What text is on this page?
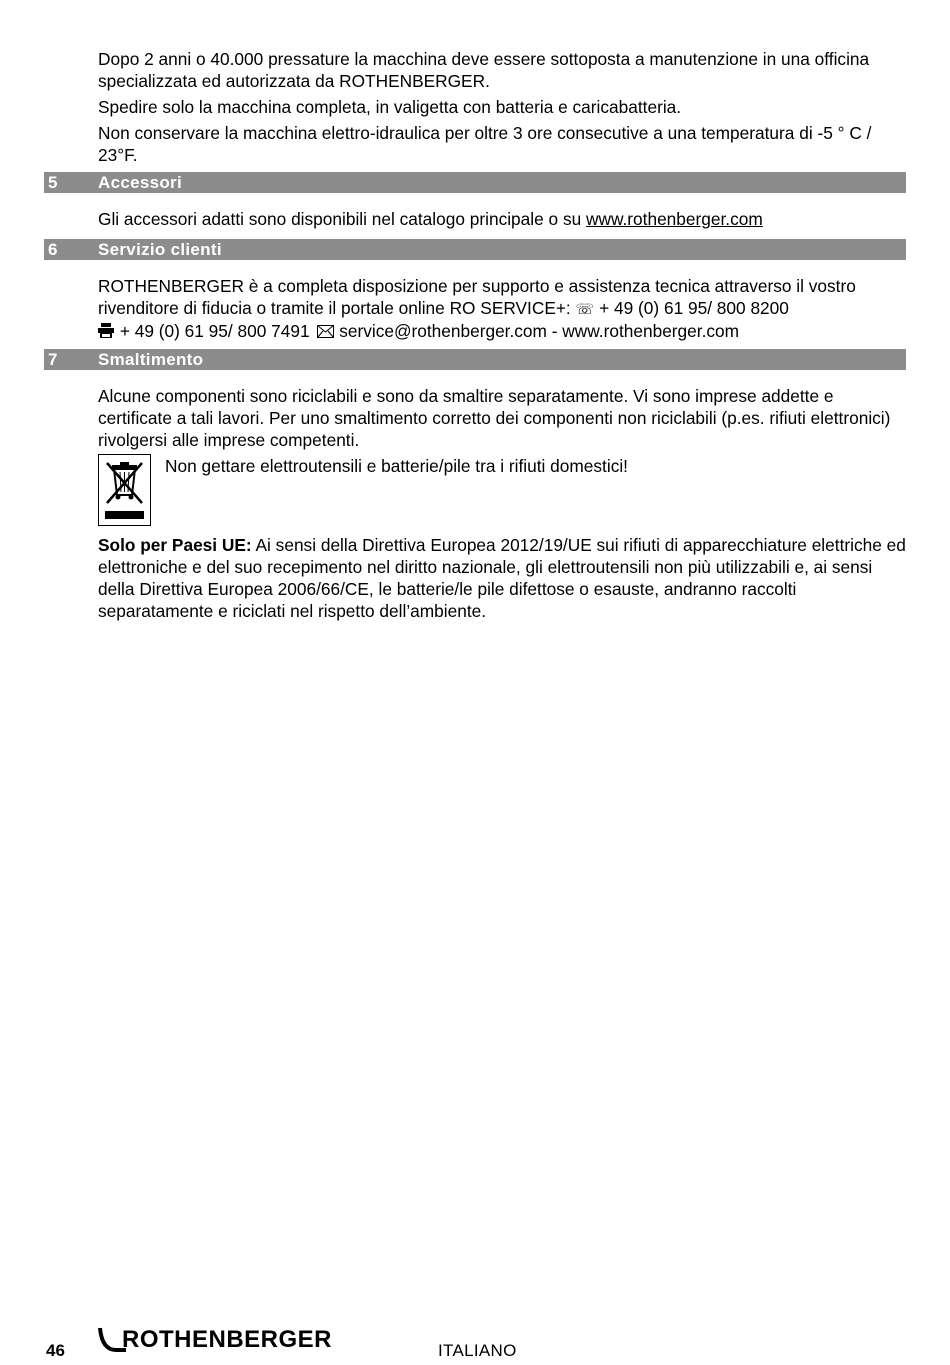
Dopo 2 anni o 40.000 pressature la macchina deve essere sottoposta a manutenzione in una officina specializzata ed autorizzata da ROTHENBERGER.

Spedire solo la macchina completa, in valigetta con batteria e caricabatteria.

Non conservare la macchina elettro-idraulica per oltre 3 ore consecutive a una temperatura di -5 ° C / 23°F.

5 Accessori

Gli accessori adatti sono disponibili nel catalogo principale o su www.rothenberger.com

6 Servizio clienti

ROTHENBERGER è a completa disposizione per supporto e assistenza tecnica attraverso il vostro rivenditore di fiducia o tramite il portale online RO SERVICE+: ☏ + 49 (0) 61 95/ 800 8200
+ 49 (0) 61 95/ 800 7491 service@rothenberger.com - www.rothenberger.com

7 Smaltimento

Alcune componenti sono riciclabili e sono da smaltire separatamente. Vi sono imprese addette e certificate a tali lavori. Per uno smaltimento corretto dei componenti non riciclabili (p.es. rifiuti elettronici) rivolgersi alle imprese competenti.

Non gettare elettroutensili e batterie/pile tra i rifiuti domestici!

Solo per Paesi UE: Ai sensi della Direttiva Europea 2012/19/UE sui rifiuti di apparecchiature elettriche ed elettroniche e del suo recepimento nel diritto nazionale, gli elettroutensili non più utilizzabili e, ai sensi della Direttiva Europea 2006/66/CE, le batterie/le pile difettose o esauste, andranno raccolti separatamente e riciclati nel rispetto dell’ambiente.

46 ROTHENBERGER	ITALIANO
